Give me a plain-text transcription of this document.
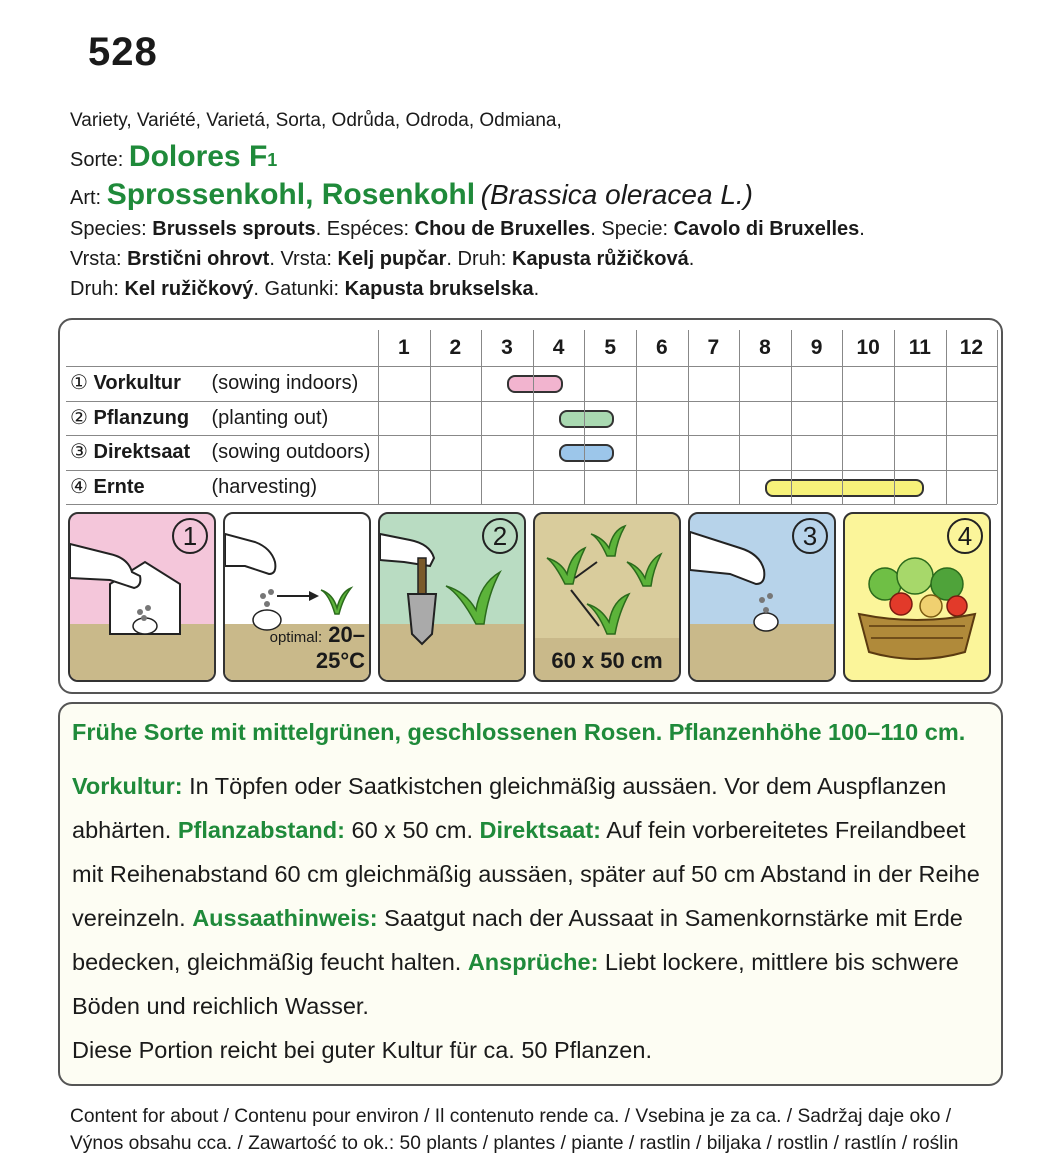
528
Variety, Variété, Varietá, Sorta, Odrůda, Odroda, Odmiana,
Sorte: Dolores F1
Art: Sprossenkohl, Rosenkohl (Brassica oleracea L.)
Species: Brussels sprouts. Espéces: Chou de Bruxelles. Specie: Cavolo di Bruxelles.
Vrsta: Brstični ohrovt. Vrsta: Kelj pupčar. Druh: Kapusta růžičková.
Druh: Kel ružičkový. Gatunki: Kapusta brukselska.
1	2	3	4	5	6	7	8	9	10	11	12
① Vorkultur (sowing indoors)
② Pflanzung (planting out)
③ Direktsaat (sowing outdoors)
④ Ernte	(harvesting)
1
optimal: 20–25°C
2
60 x 50 cm
3	4

Frühe Sorte mit mittelgrünen, geschlossenen Rosen. Pflanzenhöhe 100–110 cm.

Vorkultur: In Töpfen oder Saatkistchen gleichmäßig aussäen. Vor dem Auspflanzen abhärten. Pflanzabstand: 60 x 50 cm. Direktsaat: Auf fein vorbereitetes Freilandbeet mit Reihenabstand 60 cm gleichmäßig aussäen, später auf 50 cm Abstand in der Reihe vereinzeln. Aussaathinweis: Saatgut nach der Aussaat in Samenkornstärke mit Erde bedecken, gleichmäßig feucht halten. Ansprüche: Liebt lockere, mittlere bis schwere Böden und reichlich Wasser.

Diese Portion reicht bei guter Kultur für ca. 50 Pflanzen.

Content for about / Contenu pour environ / Il contenuto rende ca. / Vsebina je za ca. / Sadržaj daje oko /
Výnos obsahu cca. / Zawartość to ok.: 50 plants / plantes / piante / rastlin / biljaka / rostlin / rastlín / roślin
